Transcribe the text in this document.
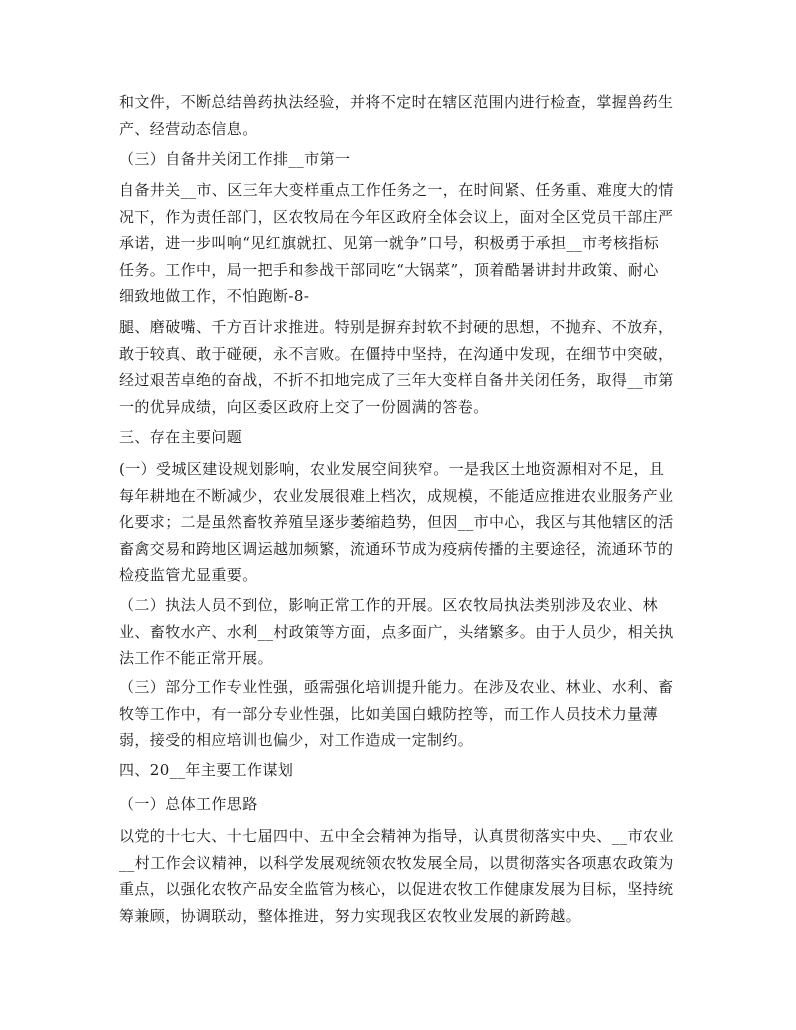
和文件，不断总结兽药执法经验，并将不定时在辖区范围内进行检查，掌握兽药生
产、经营动态信息。

（三）自备井关闭工作排__市第一

自备井关__市、区三年大变样重点工作任务之一，在时间紧、任务重、难度大的情
况下，作为责任部门，区农牧局在今年区政府全体会议上，面对全区党员干部庄严
承诺，进一步叫响“见红旗就扛、见第一就争”口号，积极勇于承担__市考核指标
任务。工作中，局一把手和参战干部同吃“大锅菜”，顶着酷暑讲封井政策、耐心
细致地做工作，不怕跑断-8-

腿、磨破嘴、千方百计求推进。特别是摒弃封软不封硬的思想，不抛弃、不放弃，
敢于较真、敢于碰硬，永不言败。在僵持中坚持，在沟通中发现，在细节中突破，
经过艰苦卓绝的奋战，不折不扣地完成了三年大变样自备井关闭任务，取得__市第
一的优异成绩，向区委区政府上交了一份圆满的答卷。

三、存在主要问题

(一）受城区建设规划影响，农业发展空间狭窄。一是我区土地资源相对不足，且
每年耕地在不断减少，农业发展很难上档次，成规模，不能适应推进农业服务产业
化要求；二是虽然畜牧养殖呈逐步萎缩趋势，但因__市中心，我区与其他辖区的活
畜禽交易和跨地区调运越加频繁，流通环节成为疫病传播的主要途径，流通环节的
检疫监管尤显重要。

（二）执法人员不到位，影响正常工作的开展。区农牧局执法类别涉及农业、林
业、畜牧水产、水利__村政策等方面，点多面广，头绪繁多。由于人员少，相关执
法工作不能正常开展。

（三）部分工作专业性强，亟需强化培训提升能力。在涉及农业、林业、水利、畜
牧等工作中，有一部分专业性强，比如美国白蛾防控等，而工作人员技术力量薄
弱，接受的相应培训也偏少，对工作造成一定制约。

四、20__年主要工作谋划

（一）总体工作思路

以党的十七大、十七届四中、五中全会精神为指导，认真贯彻落实中央、__市农业
__村工作会议精神，以科学发展观统领农牧发展全局，以贯彻落实各项惠农政策为
重点，以强化农牧产品安全监管为核心，以促进农牧工作健康发展为目标，坚持统
筹兼顾，协调联动，整体推进，努力实现我区农牧业发展的新跨越。
